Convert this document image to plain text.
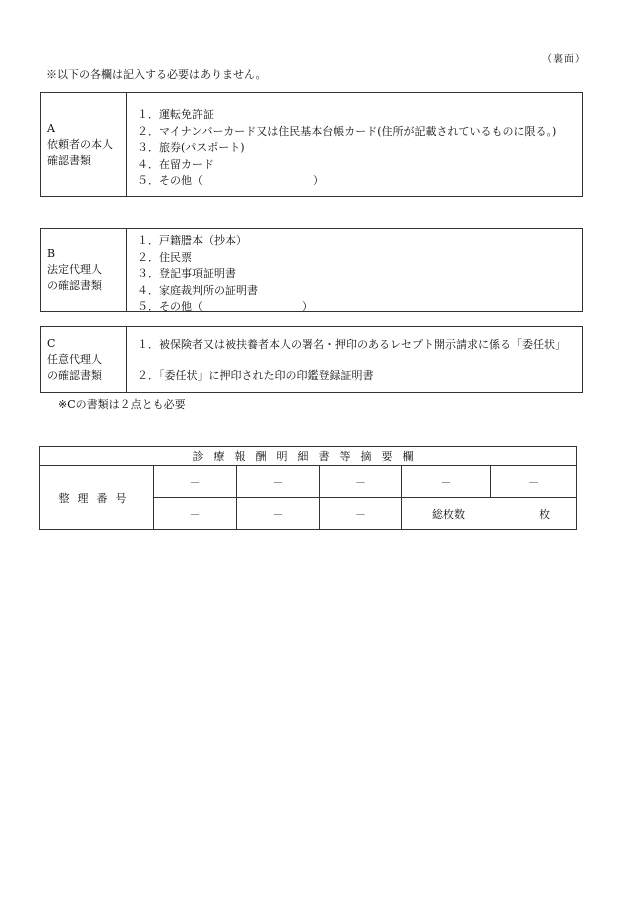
（裏面）
※以下の各欄は記入する必要はありません。
A
依頼者の本人
確認書類
１．運転免許証
２．マイナンバーカード又は住民基本台帳カード(住所が記載されているものに限る。)
３．旅券(パスポート)
４．在留カード
５．その他（　　　　　　　　　　）
B
法定代理人
の確認書類
１．戸籍謄本（抄本）
２．住民票
３．登記事項証明書
４．家庭裁判所の証明書
５．その他（　　　　　　　　　）
C
任意代理人
の確認書類
１．被保険者又は被扶養者本人の署名・押印のあるレセプト開示請求に係る「委任状」
２．「委任状」に押印された印の印鑑登録証明書
※Cの書類は２点とも必要
診療報酬明細書等摘要欄					
整理番号	－	－	－	－	－
	－	－	－	総枚数 枚	
